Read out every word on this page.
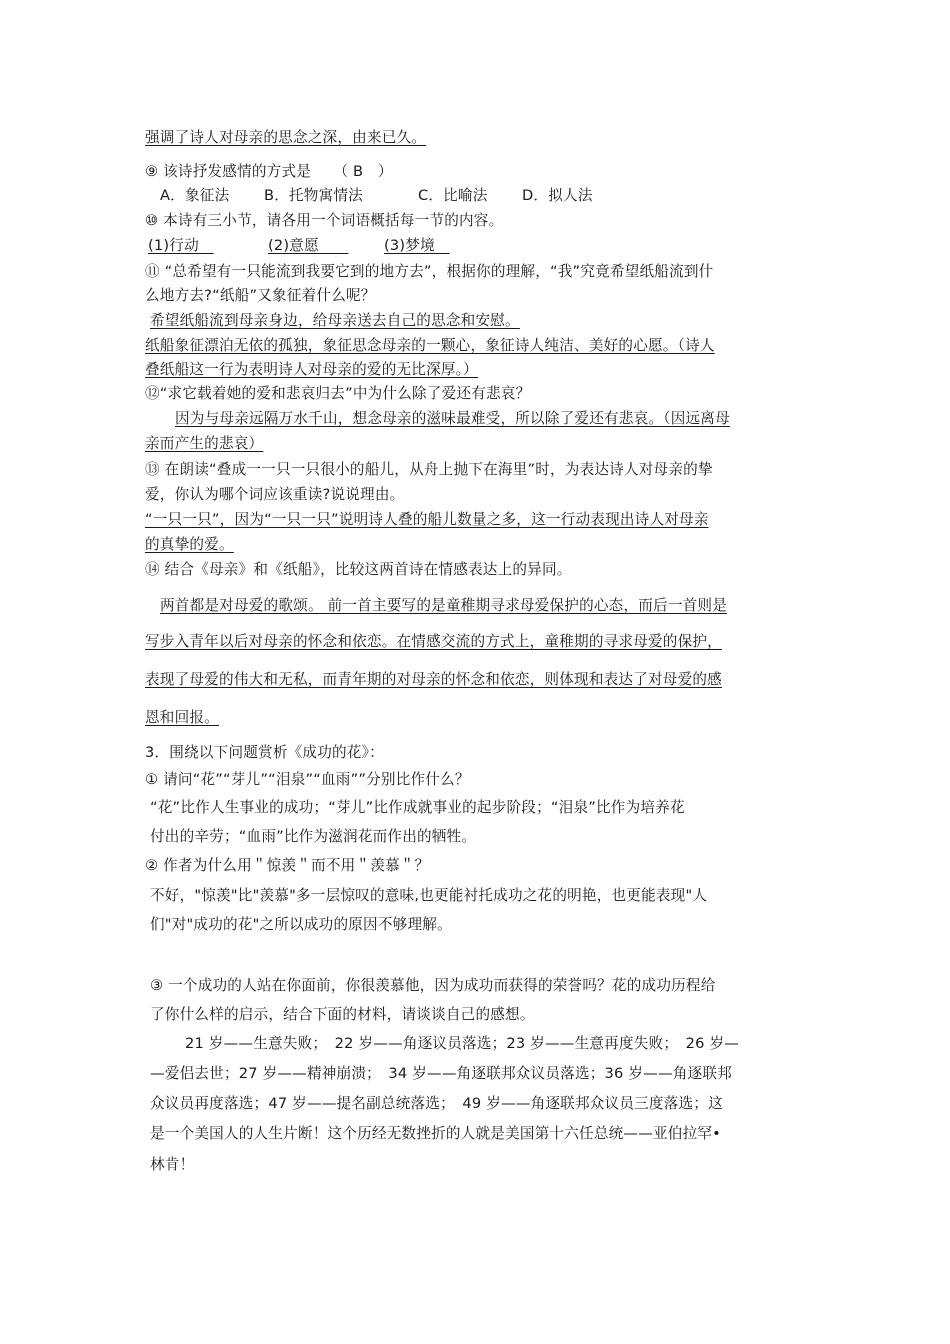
强调了诗人对母亲的思念之深，由来已久。
⑨ 该诗抒发感情的方式是　　（ B　）
A．象征法 B．托物寓情法	C．比喻法 D．拟人法
⑩ 本诗有三小节，请各用一个词语概括每一节的内容。
(1)行动　	(2)意愿　　(3)梦境　
⑪ “总希望有一只能流到我要它到的地方去”，根据你的理解，“我”究竟希望纸船流到什
么地方去?“纸船”又象征着什么呢？
希望纸船流到母亲身边，给母亲送去自己的思念和安慰。
纸船象征漂泊无依的孤独，象征思念母亲的一颗心，象征诗人纯洁、美好的心愿。（诗人
叠纸船这一行为表明诗人对母亲的爱的无比深厚。）
⑫“求它载着她的爱和悲哀归去”中为什么除了爱还有悲哀？
因为与母亲远隔万水千山，想念母亲的滋味最难受，所以除了爱还有悲哀。（因远离母
亲而产生的悲哀）
⑬ 在朗读“叠成一一只一只很小的船儿，从舟上抛下在海里”时，为表达诗人对母亲的挚
爱，你认为哪个词应该重读?说说理由。
“一只一只”，因为“一只一只”说明诗人叠的船儿数量之多，这一行动表现出诗人对母亲
的真挚的爱。
⑭ 结合《母亲》和《纸船》，比较这两首诗在情感表达上的异同。
两首都是对母爱的歌颂。 前一首主要写的是童稚期寻求母爱保护的心态，而后一首则是
写步入青年以后对母亲的怀念和依恋。在情感交流的方式上，童稚期的寻求母爱的保护，
表现了母爱的伟大和无私，而青年期的对母亲的怀念和依恋，则体现和表达了对母爱的感
恩和回报。
3．围绕以下问题赏析《成功的花》：
① 请问“花”“芽儿”“泪泉”“血雨””分别比作什么？
“花”比作人生事业的成功；“芽儿”比作成就事业的起步阶段；“泪泉”比作为培养花
付出的辛劳；“血雨”比作为滋润花而作出的牺牲。
② 作者为什么用＂惊羡＂而不用＂羡慕＂？
不好，"惊羡"比"羡慕"多一层惊叹的意味,也更能衬托成功之花的明艳，也更能表现"人
们"对"成功的花"之所以成功的原因不够理解。
③ 一个成功的人站在你面前，你很羡慕他，因为成功而获得的荣誉吗？花的成功历程给
了你什么样的启示，结合下面的材料，请谈谈自己的感想。
21 岁——生意失败；　22 岁——角逐议员落选；23 岁——生意再度失败；　26 岁—
—爱侣去世；27 岁——精神崩溃；　34 岁——角逐联邦众议员落选；36 岁——角逐联邦
众议员再度落选；47 岁——提名副总统落选；　49 岁——角逐联邦众议员三度落选；这
是一个美国人的人生片断！这个历经无数挫折的人就是美国第十六任总统——亚伯拉罕•
林肯！
